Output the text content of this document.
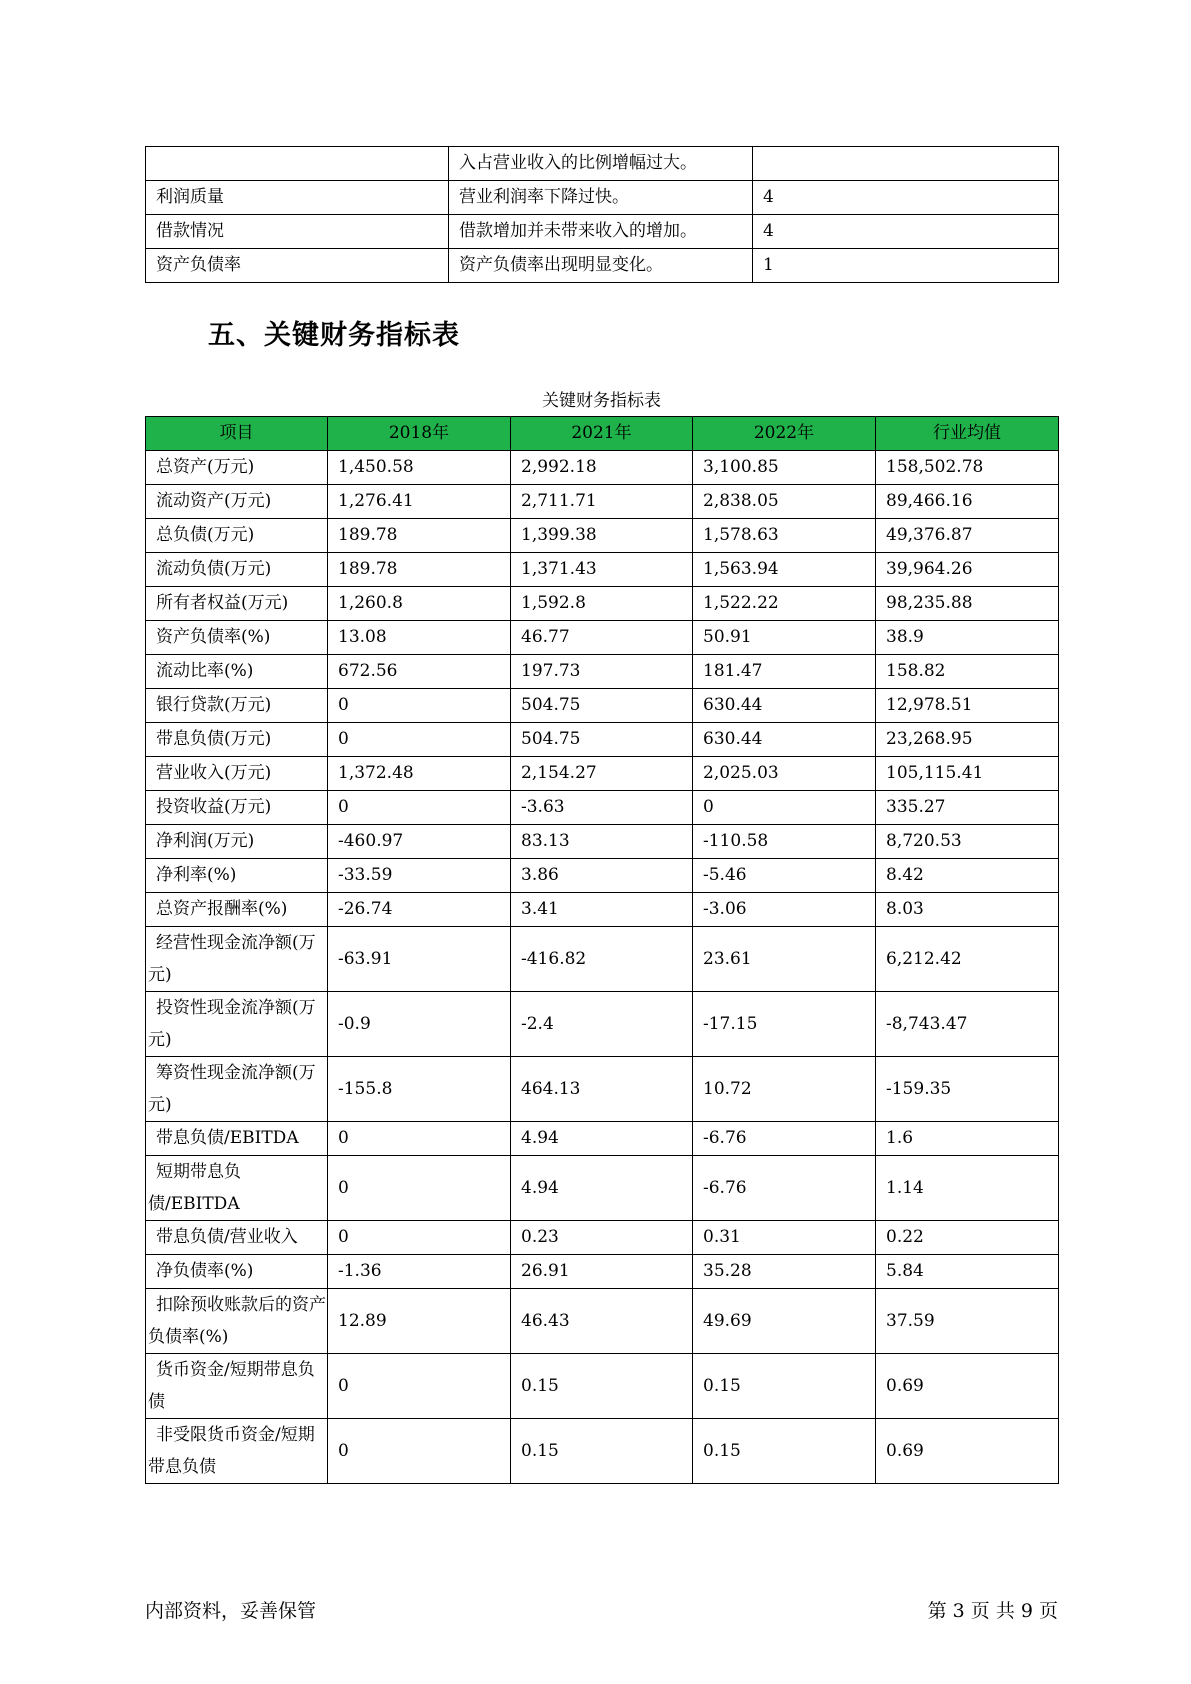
	入占营业收入的比例增幅过大。	
利润质量	营业利润率下降过快。	4
借款情况	借款增加并未带来收入的增加。	4
资产负债率	资产负债率出现明显变化。	1
五、关键财务指标表
关键财务指标表
项目	2018年	2021年	2022年	行业均值
总资产(万元)	1,450.58	2,992.18	3,100.85	158,502.78
流动资产(万元)	1,276.41	2,711.71	2,838.05	89,466.16
总负债(万元)	189.78	1,399.38	1,578.63	49,376.87
流动负债(万元)	189.78	1,371.43	1,563.94	39,964.26
所有者权益(万元)	1,260.8	1,592.8	1,522.22	98,235.88
资产负债率(%)	13.08	46.77	50.91	38.9
流动比率(%)	672.56	197.73	181.47	158.82
银行贷款(万元)	0	504.75	630.44	12,978.51
带息负债(万元)	0	504.75	630.44	23,268.95
营业收入(万元)	1,372.48	2,154.27	2,025.03	105,115.41
投资收益(万元)	0	-3.63	0	335.27
净利润(万元)	-460.97	83.13	-110.58	8,720.53
净利率(%)	-33.59	3.86	-5.46	8.42
总资产报酬率(%)	-26.74	3.41	-3.06	8.03
经营性现金流净额(万元)	-63.91	-416.82	23.61	6,212.42
投资性现金流净额(万元)	-0.9	-2.4	-17.15	-8,743.47
筹资性现金流净额(万元)	-155.8	464.13	10.72	-159.35
带息负债/EBITDA	0	4.94	-6.76	1.6
短期带息负债/EBITDA	0	4.94	-6.76	1.14
带息负债/营业收入	0	0.23	0.31	0.22
净负债率(%)	-1.36	26.91	35.28	5.84
扣除预收账款后的资产负债率(%)	12.89	46.43	49.69	37.59
货币资金/短期带息负债	0	0.15	0.15	0.69
非受限货币资金/短期带息负债	0	0.15	0.15	0.69
内部资料，妥善保管	第 3 页 共 9 页
